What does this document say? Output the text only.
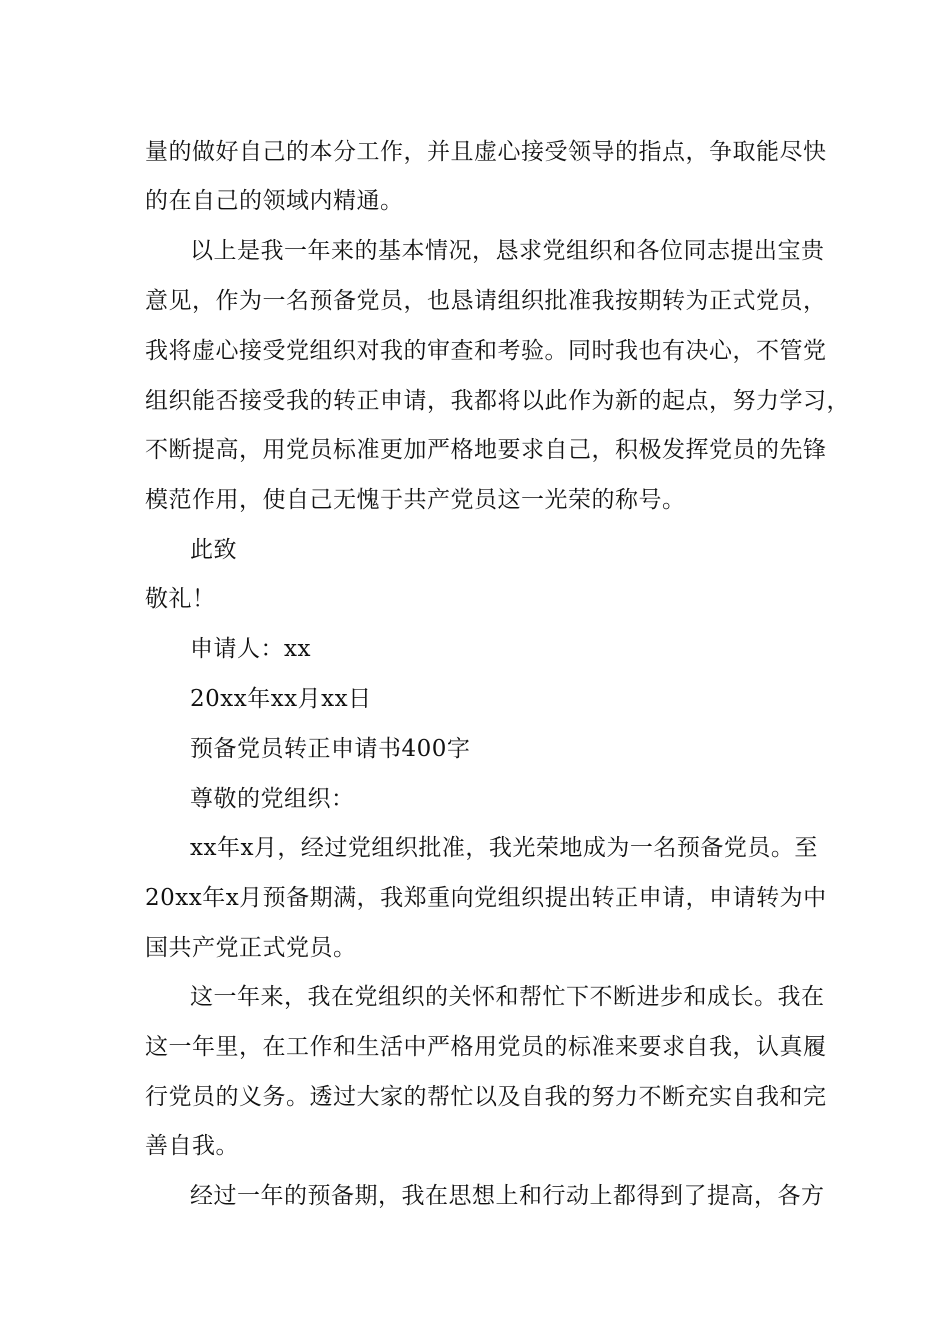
量的做好自己的本分工作，并且虚心接受领导的指点，争取能尽快
的在自己的领域内精通。
以上是我一年来的基本情况，恳求党组织和各位同志提出宝贵
意见，作为一名预备党员，也恳请组织批准我按期转为正式党员，
我将虚心接受党组织对我的审查和考验。同时我也有决心，不管党
组织能否接受我的转正申请，我都将以此作为新的起点，努力学习，
不断提高，用党员标准更加严格地要求自己，积极发挥党员的先锋
模范作用，使自己无愧于共产党员这一光荣的称号。
此致
敬礼！
申请人：xx
20xx年xx月xx日
预备党员转正申请书400字
尊敬的党组织：
xx年x月，经过党组织批准，我光荣地成为一名预备党员。至
20xx年x月预备期满，我郑重向党组织提出转正申请，申请转为中
国共产党正式党员。
这一年来，我在党组织的关怀和帮忙下不断进步和成长。我在
这一年里，在工作和生活中严格用党员的标准来要求自我，认真履
行党员的义务。透过大家的帮忙以及自我的努力不断充实自我和完
善自我。
经过一年的预备期，我在思想上和行动上都得到了提高，各方
